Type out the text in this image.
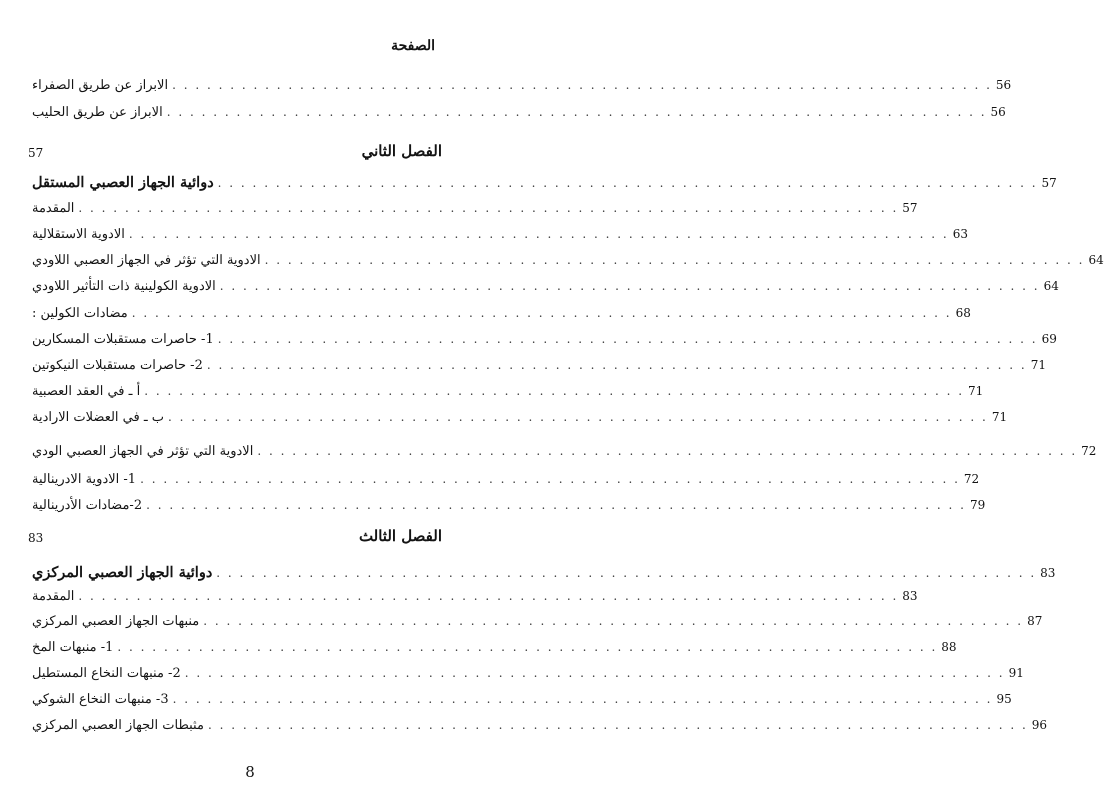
الصفحة
الابراز عن طريق الصفراء . . . . . . . . . . . . . . . . . . . . . . . . . . . . . . . . . . . . . . . . . . . . . . . . . . . . . . . . . . . . . . . . . . . . . . . 56
الابراز عن طريق الحليب . . . . . . . . . . . . . . . . . . . . . . . . . . . . . . . . . . . . . . . . . . . . . . . . . . . . . . . . . . . . . . . . . . . . . . . 56
دوائية الجهاز العصبي المستقل . . . . . . . . . . . . . . . . . . . . . . . . . . . . . . . . . . . . . . . . . . . . . . . . . . . . . . . . . . . . . . . . . . . . . . . 57
المقدمة . . . . . . . . . . . . . . . . . . . . . . . . . . . . . . . . . . . . . . . . . . . . . . . . . . . . . . . . . . . . . . . . . . . . . . . 57
الادوية الاستقلالية . . . . . . . . . . . . . . . . . . . . . . . . . . . . . . . . . . . . . . . . . . . . . . . . . . . . . . . . . . . . . . . . . . . . . . . 63
الادوية التي تؤثر في الجهاز العصبي اللاودي . . . . . . . . . . . . . . . . . . . . . . . . . . . . . . . . . . . . . . . . . . . . . . . . . . . . . . . . . . . . . . . . . . . . . . . 64
الادوية الكولينية ذات التأثير اللاودي . . . . . . . . . . . . . . . . . . . . . . . . . . . . . . . . . . . . . . . . . . . . . . . . . . . . . . . . . . . . . . . . . . . . . . . 64
مضادات الكولين : . . . . . . . . . . . . . . . . . . . . . . . . . . . . . . . . . . . . . . . . . . . . . . . . . . . . . . . . . . . . . . . . . . . . . . . 68
1- حاصرات مستقبلات المسكارين . . . . . . . . . . . . . . . . . . . . . . . . . . . . . . . . . . . . . . . . . . . . . . . . . . . . . . . . . . . . . . . . . . . . . . . 69
2- حاصرات مستقبلات النيكوتين . . . . . . . . . . . . . . . . . . . . . . . . . . . . . . . . . . . . . . . . . . . . . . . . . . . . . . . . . . . . . . . . . . . . . . . 71
أ ـ في العقد العصبية . . . . . . . . . . . . . . . . . . . . . . . . . . . . . . . . . . . . . . . . . . . . . . . . . . . . . . . . . . . . . . . . . . . . . . . 71
ب ـ في العضلات الارادية . . . . . . . . . . . . . . . . . . . . . . . . . . . . . . . . . . . . . . . . . . . . . . . . . . . . . . . . . . . . . . . . . . . . . . . 71
الادوية التي تؤثر في الجهاز العصبي الودي . . . . . . . . . . . . . . . . . . . . . . . . . . . . . . . . . . . . . . . . . . . . . . . . . . . . . . . . . . . . . . . . . . . . . . . 72
1- الادوية الادرينالية . . . . . . . . . . . . . . . . . . . . . . . . . . . . . . . . . . . . . . . . . . . . . . . . . . . . . . . . . . . . . . . . . . . . . . . 72
2-مضادات الأدرينالية . . . . . . . . . . . . . . . . . . . . . . . . . . . . . . . . . . . . . . . . . . . . . . . . . . . . . . . . . . . . . . . . . . . . . . . 79
دوائية الجهاز العصبي المركزي . . . . . . . . . . . . . . . . . . . . . . . . . . . . . . . . . . . . . . . . . . . . . . . . . . . . . . . . . . . . . . . . . . . . . . . 83
المقدمة . . . . . . . . . . . . . . . . . . . . . . . . . . . . . . . . . . . . . . . . . . . . . . . . . . . . . . . . . . . . . . . . . . . . . . . 83
منبهات الجهاز العصبي المركزي . . . . . . . . . . . . . . . . . . . . . . . . . . . . . . . . . . . . . . . . . . . . . . . . . . . . . . . . . . . . . . . . . . . . . . . 87
1- منبهات المخ . . . . . . . . . . . . . . . . . . . . . . . . . . . . . . . . . . . . . . . . . . . . . . . . . . . . . . . . . . . . . . . . . . . . . . . 88
2- منبهات النخاع المستطيل . . . . . . . . . . . . . . . . . . . . . . . . . . . . . . . . . . . . . . . . . . . . . . . . . . . . . . . . . . . . . . . . . . . . . . . 91
3- منبهات النخاع الشوكي . . . . . . . . . . . . . . . . . . . . . . . . . . . . . . . . . . . . . . . . . . . . . . . . . . . . . . . . . . . . . . . . . . . . . . . 95
مثبطات الجهاز العصبي المركزي . . . . . . . . . . . . . . . . . . . . . . . . . . . . . . . . . . . . . . . . . . . . . . . . . . . . . . . . . . . . . . . . . . . . . . . 96
الفصل الثاني
57
الفصل الثالث
83
8
